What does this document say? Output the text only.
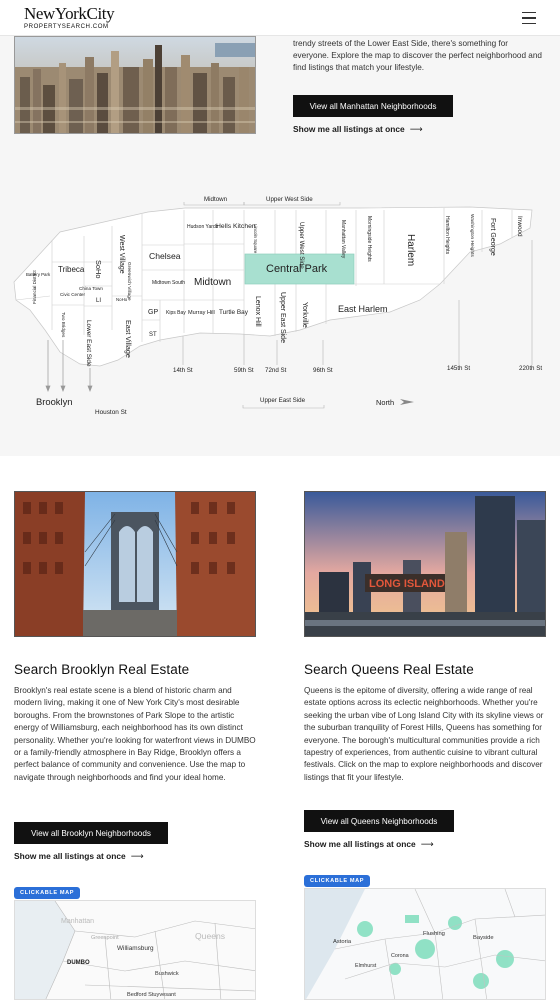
NewYorkCity
PROPERTYSEARCH.COM

trendy streets of the Lower East Side, there's something for everyone. Explore the map to discover the perfect neighborhood and find listings that match your lifestyle.

View all Manhattan Neighborhoods
Show me all listings at once ⟶
Midtown	Upper West Side
Battery Park
Financial District
Tribeca
Civic Center
China Town
Two Bridges
SoHo
LI	NoHo
West Village
Greenwich Village
Lower East Side	East Village
Chelsea
Hudson Yards
Hells Kitchen
Midtown
Midtown South
GP
ST
Kips Bay Murray Hill Turtle Bay
Lincoln Square	Upper West Side	Manhattan Valley	Morningside Heights
Central Park
Lenox Hill	Upper East Side Yorkville	East Harlem
Harlem	Hamilton Heights	Washington Heights Fort George	Inwood
14th St	59th St 72nd St	96th St	145th St	220th St
Brooklyn
Houston St
Upper East Side	North
Search Brooklyn Real Estate

Brooklyn's real estate scene is a blend of historic charm and modern living, making it one of New York City's most desirable boroughs. From the brownstones of Park Slope to the artistic energy of Williamsburg, each neighborhood has its own distinct personality. Whether you're looking for waterfront views in DUMBO or a family-friendly atmosphere in Bay Ridge, Brooklyn offers a perfect balance of community and convenience. Use the map to navigate through neighborhoods and find your ideal home.

View all Brooklyn Neighborhoods
Show me all listings at once ⟶
CLICKABLE MAP
Manhattan
Greenpoint	Queens
Williamsburg
DUMBO
Bushwick
Bedford Stuyvesant
LONG ISLAND
Search Queens Real Estate

Queens is the epitome of diversity, offering a wide range of real estate options across its eclectic neighborhoods. Whether you're seeking the urban vibe of Long Island City with its skyline views or the suburban tranquility of Forest Hills, Queens has something for everyone. The borough's multicultural communities provide a rich tapestry of experiences, from authentic cuisine to vibrant cultural festivals. Click on the map to explore neighborhoods and discover listings that fit your lifestyle.

View all Queens Neighborhoods
Show me all listings at once ⟶
CLICKABLE MAP
Astoria
Flushing
Bayside
Corona
Elmhurst
